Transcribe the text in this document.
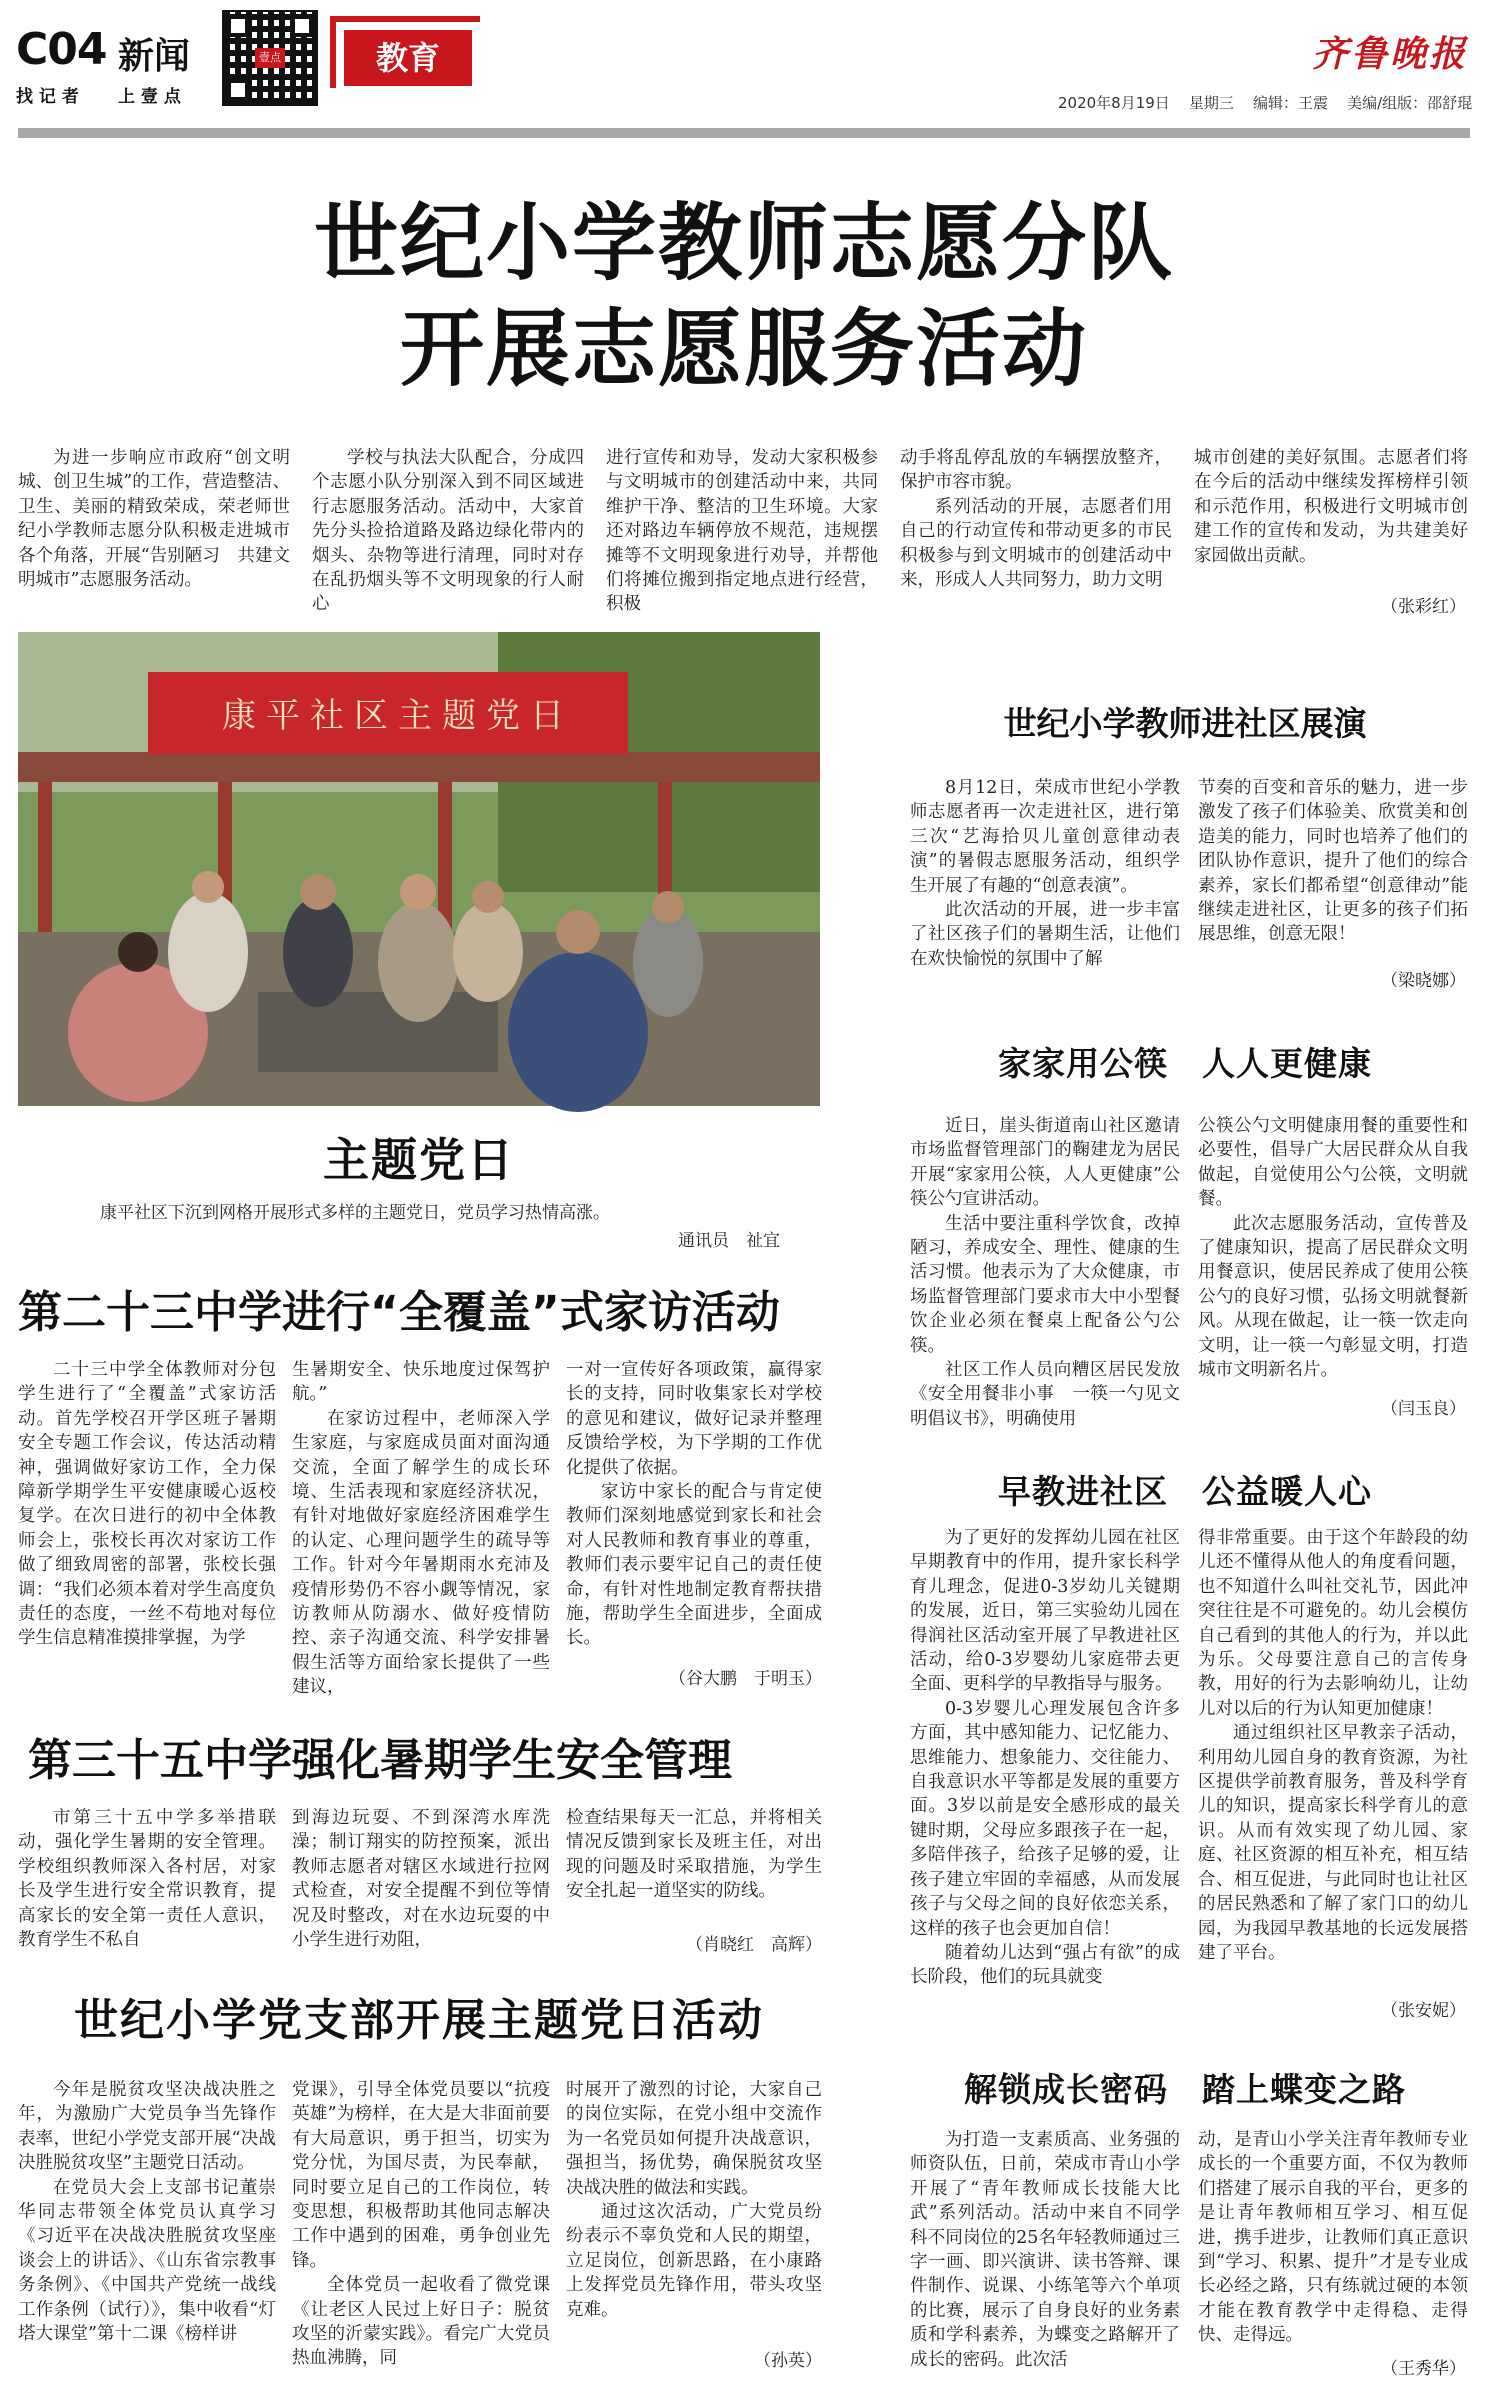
C04 新闻
找 记 者 上 壹 点
壹点	教育	齐鲁晚报
2020年8月19日 星期三 编辑：王震 美编/组版：邵舒琨
世纪小学教师志愿分队
开展志愿服务活动

为进一步响应市政府“创文明城、创卫生城”的工作，营造整洁、卫生、美丽的精致荣成，荣老师世纪小学教师志愿分队积极走进城市各个角落，开展“告别陋习　共建文明城市”志愿服务活动。

学校与执法大队配合，分成四个志愿小队分别深入到不同区域进行志愿服务活动。活动中，大家首先分头捡拾道路及路边绿化带内的烟头、杂物等进行清理，同时对存在乱扔烟头等不文明现象的行人耐心

进行宣传和劝导，发动大家积极参与文明城市的创建活动中来，共同维护干净、整洁的卫生环境。大家还对路边车辆停放不规范，违规摆摊等不文明现象进行劝导，并帮他们将摊位搬到指定地点进行经营，积极

动手将乱停乱放的车辆摆放整齐，保护市容市貌。

系列活动的开展，志愿者们用自己的行动宣传和带动更多的市民积极参与到文明城市的创建活动中来，形成人人共同努力，助力文明

城市创建的美好氛围。志愿者们将在今后的活动中继续发挥榜样引领和示范作用，积极进行文明城市创建工作的宣传和发动，为共建美好家园做出贡献。

（张彩红）
康平社区主题党日
主题党日
康平社区下沉到网格开展形式多样的主题党日，党员学习热情高涨。
通讯员　祉宜
第二十三中学进行“全覆盖”式家访活动

二十三中学全体教师对分包学生进行了“全覆盖”式家访活动。首先学校召开学区班子暑期安全专题工作会议，传达活动精神，强调做好家访工作，全力保障新学期学生平安健康暖心返校复学。在次日进行的初中全体教师会上，张校长再次对家访工作做了细致周密的部署，张校长强调：“我们必须本着对学生高度负责任的态度，一丝不苟地对每位学生信息精准摸排掌握，为学

生暑期安全、快乐地度过保驾护航。”

在家访过程中，老师深入学生家庭，与家庭成员面对面沟通交流，全面了解学生的成长环境、生活表现和家庭经济状况，有针对地做好家庭经济困难学生的认定、心理问题学生的疏导等工作。针对今年暑期雨水充沛及疫情形势仍不容小觑等情况，家访教师从防溺水、做好疫情防控、亲子沟通交流、科学安排暑假生活等方面给家长提供了一些建议，

一对一宣传好各项政策，赢得家长的支持，同时收集家长对学校的意见和建议，做好记录并整理反馈给学校，为下学期的工作优化提供了依据。

家访中家长的配合与肯定使教师们深刻地感觉到家长和社会对人民教师和教育事业的尊重，教师们表示要牢记自己的责任使命，有针对性地制定教育帮扶措施，帮助学生全面进步，全面成长。

（谷大鹏　于明玉）
第三十五中学强化暑期学生安全管理

市第三十五中学多举措联动，强化学生暑期的安全管理。学校组织教师深入各村居，对家长及学生进行安全常识教育，提高家长的安全第一责任人意识，教育学生不私自

到海边玩耍、不到深湾水库洗澡；制订翔实的防控预案，派出教师志愿者对辖区水域进行拉网式检查，对安全提醒不到位等情况及时整改，对在水边玩耍的中小学生进行劝阻，

检查结果每天一汇总，并将相关情况反馈到家长及班主任，对出现的问题及时采取措施，为学生安全扎起一道坚实的防线。

（肖晓红　高辉）
世纪小学党支部开展主题党日活动

今年是脱贫攻坚决战决胜之年，为激励广大党员争当先锋作表率，世纪小学党支部开展“决战决胜脱贫攻坚”主题党日活动。

在党员大会上支部书记董崇华同志带领全体党员认真学习《习近平在决战决胜脱贫攻坚座谈会上的讲话》、《山东省宗教事务条例》、《中国共产党统一战线工作条例（试行）》，集中收看“灯塔大课堂”第十二课《榜样讲

党课》，引导全体党员要以“抗疫英雄”为榜样，在大是大非面前要有大局意识，勇于担当，切实为党分忧，为国尽责，为民奉献，同时要立足自己的工作岗位，转变思想，积极帮助其他同志解决工作中遇到的困难，勇争创业先锋。

全体党员一起收看了微党课《让老区人民过上好日子：脱贫攻坚的沂蒙实践》。看完广大党员热血沸腾，同

时展开了激烈的讨论，大家自己的岗位实际，在党小组中交流作为一名党员如何提升决战意识，强担当，扬优势，确保脱贫攻坚决战决胜的做法和实践。

通过这次活动，广大党员纷纷表示不辜负党和人民的期望，立足岗位，创新思路，在小康路上发挥党员先锋作用，带头攻坚克难。

（孙英）
世纪小学教师进社区展演

8月12日，荣成市世纪小学教师志愿者再一次走进社区，进行第三次“艺海拾贝儿童创意律动表演”的暑假志愿服务活动，组织学生开展了有趣的“创意表演”。

此次活动的开展，进一步丰富了社区孩子们的暑期生活，让他们在欢快愉悦的氛围中了解

节奏的百变和音乐的魅力，进一步激发了孩子们体验美、欣赏美和创造美的能力，同时也培养了他们的团队协作意识，提升了他们的综合素养，家长们都希望“创意律动”能继续走进社区，让更多的孩子们拓展思维，创意无限！

（梁晓娜）
家家用公筷　人人更健康

近日，崖头街道南山社区邀请市场监督管理部门的鞠建龙为居民开展“家家用公筷，人人更健康”公筷公勺宣讲活动。

生活中要注重科学饮食，改掉陋习，养成安全、理性、健康的生活习惯。他表示为了大众健康，市场监督管理部门要求市大中小型餐饮企业必须在餐桌上配备公勺公筷。

社区工作人员向糟区居民发放《安全用餐非小事　一筷一勺见文明倡议书》，明确使用

公筷公勺文明健康用餐的重要性和必要性，倡导广大居民群众从自我做起，自觉使用公勺公筷，文明就餐。

此次志愿服务活动，宣传普及了健康知识，提高了居民群众文明用餐意识，使居民养成了使用公筷公勺的良好习惯，弘扬文明就餐新风。从现在做起，让一筷一饮走向文明，让一筷一勺彰显文明，打造城市文明新名片。

（闫玉良）
早教进社区　公益暖人心

为了更好的发挥幼儿园在社区早期教育中的作用，提升家长科学育儿理念，促进0-3岁幼儿关键期的发展，近日，第三实验幼儿园在得润社区活动室开展了早教进社区活动，给0-3岁婴幼儿家庭带去更全面、更科学的早教指导与服务。

0-3岁婴儿心理发展包含许多方面，其中感知能力、记忆能力、思维能力、想象能力、交往能力、自我意识水平等都是发展的重要方面。3岁以前是安全感形成的最关键时期，父母应多跟孩子在一起，多陪伴孩子，给孩子足够的爱，让孩子建立牢固的幸福感，从而发展孩子与父母之间的良好依恋关系，这样的孩子也会更加自信！

随着幼儿达到“强占有欲”的成长阶段，他们的玩具就变

得非常重要。由于这个年龄段的幼儿还不懂得从他人的角度看问题，也不知道什么叫社交礼节，因此冲突往往是不可避免的。幼儿会模仿自己看到的其他人的行为，并以此为乐。父母要注意自己的言传身教，用好的行为去影响幼儿，让幼儿对以后的行为认知更加健康！

通过组织社区早教亲子活动，利用幼儿园自身的教育资源，为社区提供学前教育服务，普及科学育儿的知识，提高家长科学育儿的意识。从而有效实现了幼儿园、家庭、社区资源的相互补充，相互结合、相互促进，与此同时也让社区的居民熟悉和了解了家门口的幼儿园，为我园早教基地的长远发展搭建了平台。

（张安妮）
解锁成长密码　踏上蝶变之路

为打造一支素质高、业务强的师资队伍，日前，荣成市青山小学开展了“青年教师成长技能大比武”系列活动。活动中来自不同学科不同岗位的25名年轻教师通过三字一画、即兴演讲、读书答辩、课件制作、说课、小练笔等六个单项的比赛，展示了自身良好的业务素质和学科素养，为蝶变之路解开了成长的密码。此次活

动，是青山小学关注青年教师专业成长的一个重要方面，不仅为教师们搭建了展示自我的平台，更多的是让青年教师相互学习、相互促进，携手进步，让教师们真正意识到“学习、积累、提升”才是专业成长必经之路，只有练就过硬的本领才能在教育教学中走得稳、走得快、走得远。

（王秀华）
